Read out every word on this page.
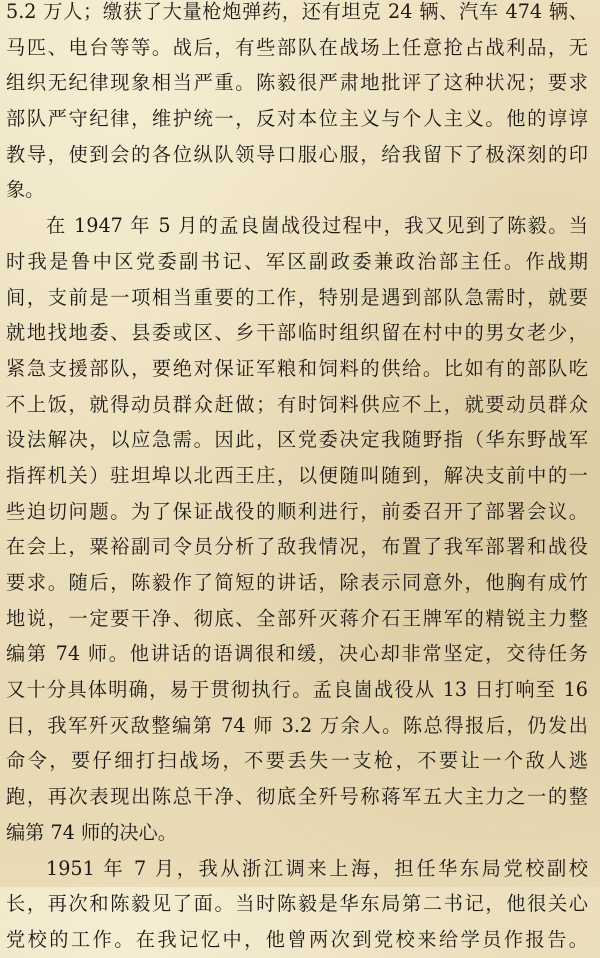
5.2 万人；缴获了大量枪炮弹药，还有坦克 24 辆、汽车 474 辆、
马匹、电台等等。战后，有些部队在战场上任意抢占战利品，无
组织无纪律现象相当严重。陈毅很严肃地批评了这种状况；要求
部队严守纪律，维护统一，反对本位主义与个人主义。他的谆谆
教导，使到会的各位纵队领导口服心服，给我留下了极深刻的印
象。
在 1947 年 5 月的孟良崮战役过程中，我又见到了陈毅。当
时我是鲁中区党委副书记、军区副政委兼政治部主任。作战期
间，支前是一项相当重要的工作，特别是遇到部队急需时，就要
就地找地委、县委或区、乡干部临时组织留在村中的男女老少，
紧急支援部队，要绝对保证军粮和饲料的供给。比如有的部队吃
不上饭，就得动员群众赶做；有时饲料供应不上，就要动员群众
设法解决，以应急需。因此，区党委决定我随野指（华东野战军
指挥机关）驻坦埠以北西王庄，以便随叫随到，解决支前中的一
些迫切问题。为了保证战役的顺利进行，前委召开了部署会议。
在会上，粟裕副司令员分析了敌我情况，布置了我军部署和战役
要求。随后，陈毅作了简短的讲话，除表示同意外，他胸有成竹
地说，一定要干净、彻底、全部歼灭蒋介石王牌军的精锐主力整
编第 74 师。他讲话的语调很和缓，决心却非常坚定，交待任务
又十分具体明确，易于贯彻执行。孟良崮战役从 13 日打响至 16
日，我军歼灭敌整编第 74 师 3.2 万余人。陈总得报后，仍发出
命令，要仔细打扫战场，不要丢失一支枪，不要让一个敌人逃
跑，再次表现出陈总干净、彻底全歼号称蒋军五大主力之一的整
编第 74 师的决心。
1951 年 7 月，我从浙江调来上海，担任华东局党校副校
长，再次和陈毅见了面。当时陈毅是华东局第二书记，他很关心
党校的工作。在我记忆中，他曾两次到党校来给学员作报告。
